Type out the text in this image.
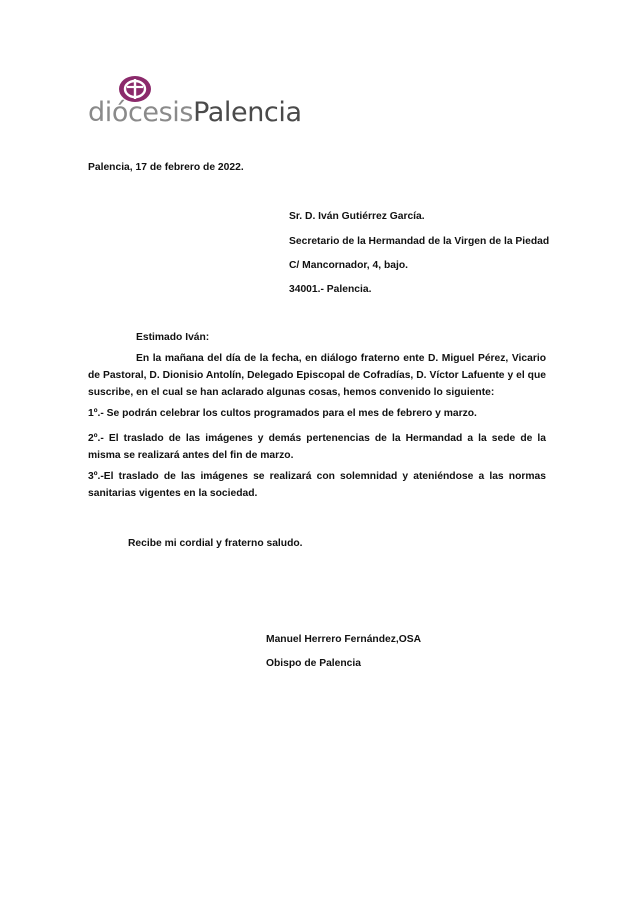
diócesisPalencia
Palencia, 17 de febrero de 2022.
Sr. D. Iván Gutiérrez García.
Secretario de la Hermandad de la Virgen de la Piedad
C/ Mancornador, 4, bajo.
34001.- Palencia.
Estimado Iván:
En la mañana del día de la fecha, en diálogo fraterno ente D. Miguel Pérez, Vicario de Pastoral, D. Dionisio Antolín, Delegado Episcopal de Cofradías, D. Víctor Lafuente y el que suscribe, en el cual se han aclarado algunas cosas, hemos convenido lo siguiente:
1º.- Se podrán celebrar los cultos programados para el mes de febrero y marzo.
2º.- El traslado de las imágenes y demás pertenencias de la Hermandad a la sede de la misma se realizará antes del fin de marzo.
3º.-El traslado de las imágenes se realizará con solemnidad y ateniéndose a las normas sanitarias vigentes en la sociedad.
Recibe mi cordial y fraterno saludo.
Manuel Herrero Fernández,OSA
Obispo de Palencia
